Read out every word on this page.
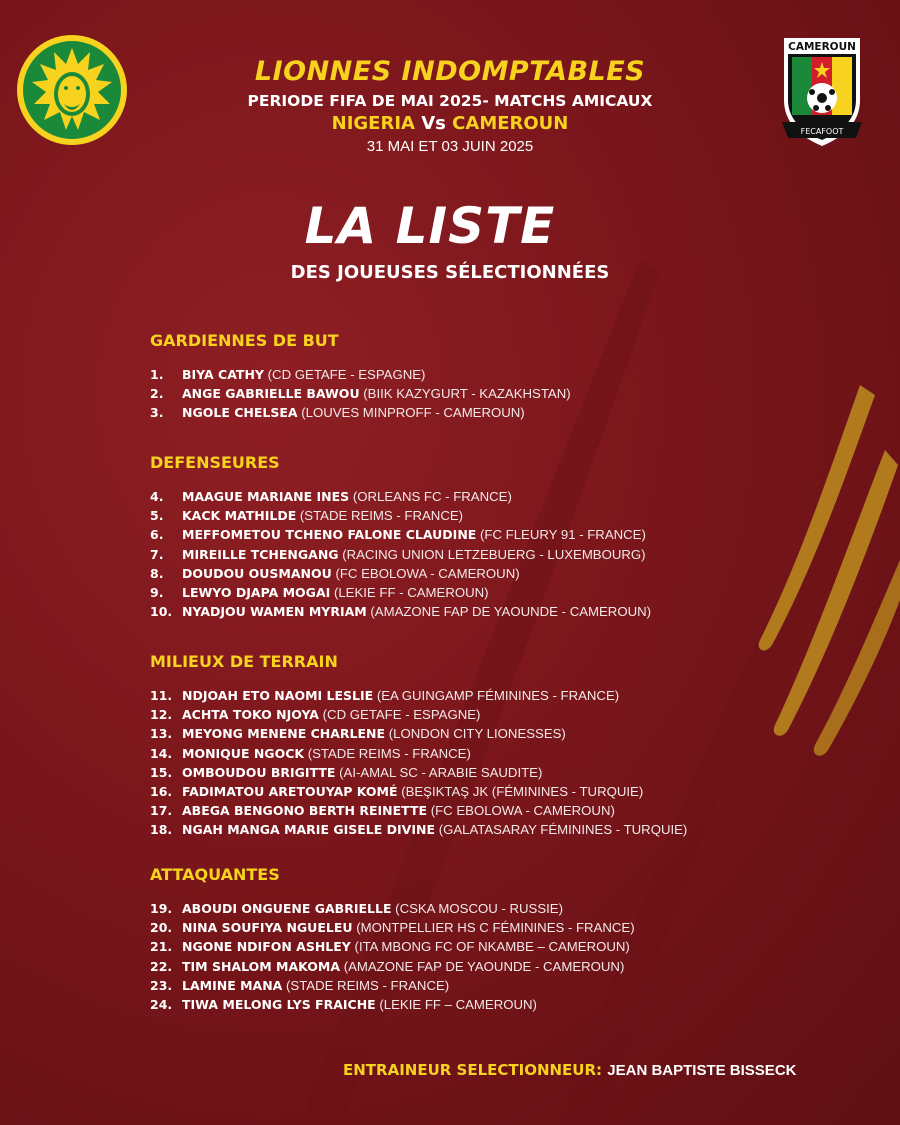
CAMEROUN
FECAFOOT
LIONNES INDOMPTABLES
PERIODE FIFA DE MAI 2025- MATCHS AMICAUX
NIGERIA Vs CAMEROUN
31 MAI ET 03 JUIN 2025
LA LISTE
DES JOUEUSES SÉLECTIONNÉES
GARDIENNES DE BUT
1. BIYA CATHY (CD GETAFE - ESPAGNE)
2. ANGE GABRIELLE BAWOU (BIIK KAZYGURT - KAZAKHSTAN)
3. NGOLE CHELSEA (LOUVES MINPROFF - CAMEROUN)
DEFENSEURES
4. MAAGUE MARIANE INES (ORLEANS FC - FRANCE)
5. KACK MATHILDE (STADE REIMS - FRANCE)
6. MEFFOMETOU TCHENO FALONE CLAUDINE (FC FLEURY 91 - FRANCE)
7. MIREILLE TCHENGANG (RACING UNION LETZEBUERG - LUXEMBOURG)
8. DOUDOU OUSMANOU (FC EBOLOWA - CAMEROUN)
9. LEWYO DJAPA MOGAI (LEKIE FF - CAMEROUN)
10. NYADJOU WAMEN MYRIAM (AMAZONE FAP DE YAOUNDE - CAMEROUN)
MILIEUX DE TERRAIN
11. NDJOAH ETO NAOMI LESLIE (EA GUINGAMP FÉMININES - FRANCE)
12. ACHTA TOKO NJOYA (CD GETAFE - ESPAGNE)
13. MEYONG MENENE CHARLENE (LONDON CITY LIONESSES)
14. MONIQUE NGOCK (STADE REIMS - FRANCE)
15. OMBOUDOU BRIGITTE (AI-AMAL SC - ARABIE SAUDITE)
16. FADIMATOU ARETOUYAP KOMÉ (BEŞIKTAŞ JK (FÉMININES - TURQUIE)
17. ABEGA BENGONO BERTH REINETTE (FC EBOLOWA - CAMEROUN)
18. NGAH MANGA MARIE GISELE DIVINE (GALATASARAY FÉMININES - TURQUIE)
ATTAQUANTES
19. ABOUDI ONGUENE GABRIELLE (CSKA MOSCOU - RUSSIE)
20. NINA SOUFIYA NGUELEU (MONTPELLIER HS C FÉMININES - FRANCE)
21. NGONE NDIFON ASHLEY (ITA MBONG FC OF NKAMBE – CAMEROUN)
22. TIM SHALOM MAKOMA (AMAZONE FAP DE YAOUNDE - CAMEROUN)
23. LAMINE MANA (STADE REIMS - FRANCE)
24. TIWA MELONG LYS FRAICHE (LEKIE FF – CAMEROUN)
ENTRAINEUR SELECTIONNEUR: JEAN BAPTISTE BISSECK
